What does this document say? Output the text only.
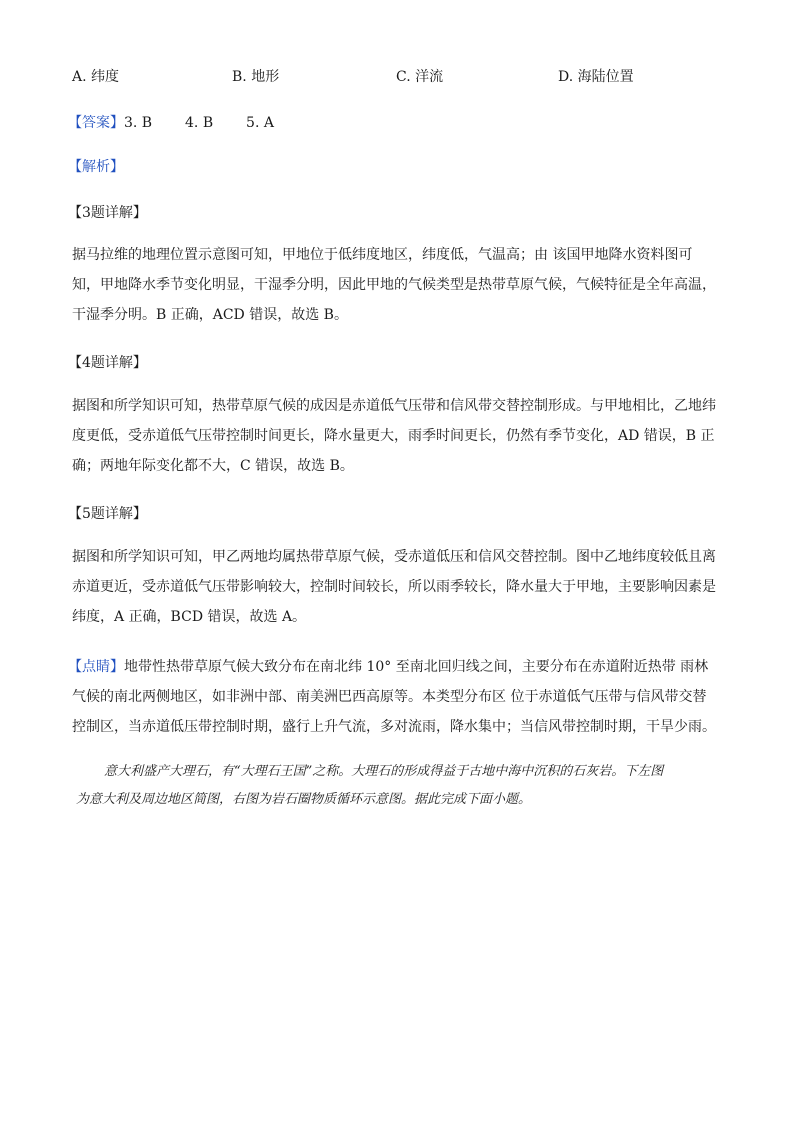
A. 纬度	B. 地形	C. 洋流	D. 海陆位置
【答案】3. B 4. B 5. A
【解析】
【3题详解】
据马拉维的地理位置示意图可知，甲地位于低纬度地区，纬度低，气温高；由 该国甲地降水资料图可
知，甲地降水季节变化明显，干湿季分明，因此甲地的气候类型是热带草原气候，气候特征是全年高温，
干湿季分明。B 正确，ACD 错误，故选 B。
【4题详解】
据图和所学知识可知，热带草原气候的成因是赤道低气压带和信风带交替控制形成。与甲地相比，乙地纬
度更低，受赤道低气压带控制时间更长，降水量更大，雨季时间更长，仍然有季节变化，AD 错误，B 正
确；两地年际变化都不大，C 错误，故选 B。
【5题详解】
据图和所学知识可知，甲乙两地均属热带草原气候，受赤道低压和信风交替控制。图中乙地纬度较低且离
赤道更近，受赤道低气压带影响较大，控制时间较长，所以雨季较长，降水量大于甲地，主要影响因素是
纬度，A 正确，BCD 错误，故选 A。
【点睛】地带性热带草原气候大致分布在南北纬 10° 至南北回归线之间，主要分布在赤道附近热带 雨林
气候的南北两侧地区，如非洲中部、南美洲巴西高原等。本类型分布区 位于赤道低气压带与信风带交替
控制区，当赤道低压带控制时期，盛行上升气流，多对流雨，降水集中；当信风带控制时期，干旱少雨。
意大利盛产大理石，有“大理石王国”之称。大理石的形成得益于古地中海中沉积的石灰岩。下左图
为意大利及周边地区简图，右图为岩石圈物质循环示意图。据此完成下面小题。
